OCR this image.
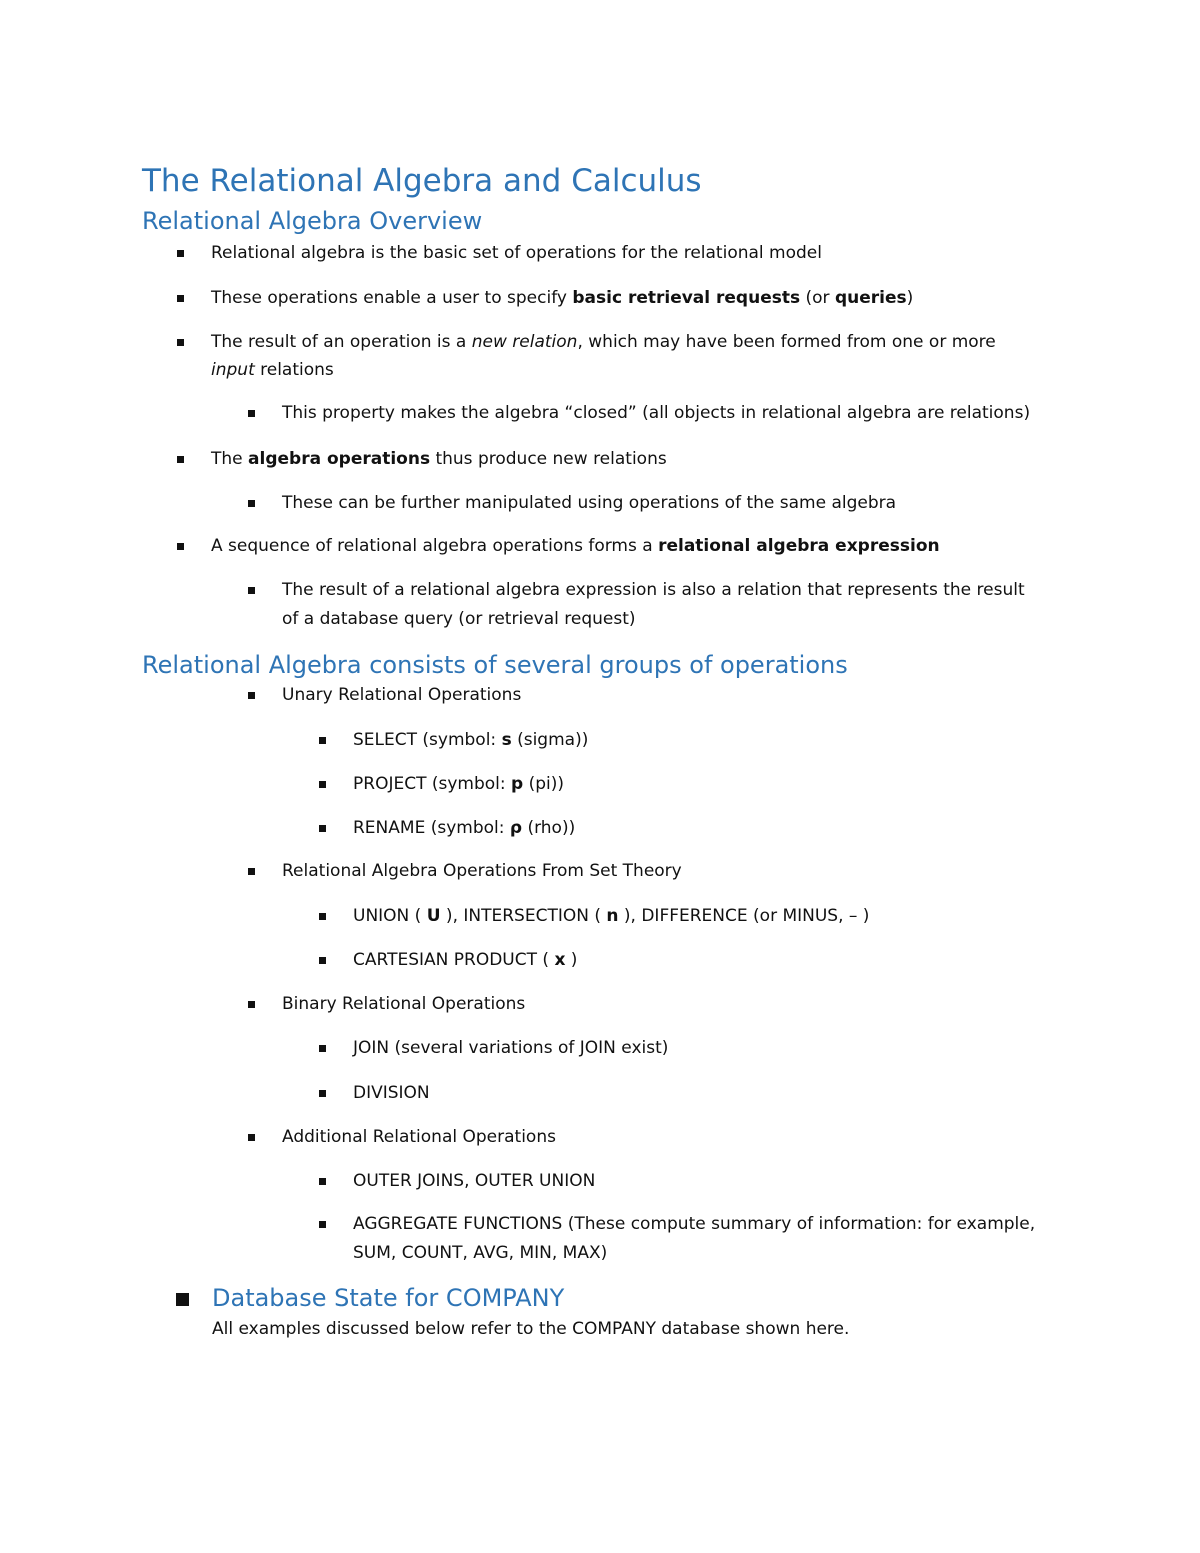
The Relational Algebra and Calculus
Relational Algebra Overview
Relational algebra is the basic set of operations for the relational model
These operations enable a user to specify basic retrieval requests (or queries)
The result of an operation is a new relation, which may have been formed from one or more
input relations
This property makes the algebra “closed” (all objects in relational algebra are relations)
The algebra operations thus produce new relations
These can be further manipulated using operations of the same algebra
A sequence of relational algebra operations forms a relational algebra expression
The result of a relational algebra expression is also a relation that represents the result
of a database query (or retrieval request)
Relational Algebra consists of several groups of operations
Unary Relational Operations
SELECT (symbol: s (sigma))
PROJECT (symbol: p (pi))
RENAME (symbol: ρ (rho))
Relational Algebra Operations From Set Theory
UNION ( U ), INTERSECTION ( n ), DIFFERENCE (or MINUS, – )
CARTESIAN PRODUCT ( x )
Binary Relational Operations
JOIN (several variations of JOIN exist)
DIVISION
Additional Relational Operations
OUTER JOINS, OUTER UNION
AGGREGATE FUNCTIONS (These compute summary of information: for example,
SUM, COUNT, AVG, MIN, MAX)
Database State for COMPANY
All examples discussed below refer to the COMPANY database shown here.
